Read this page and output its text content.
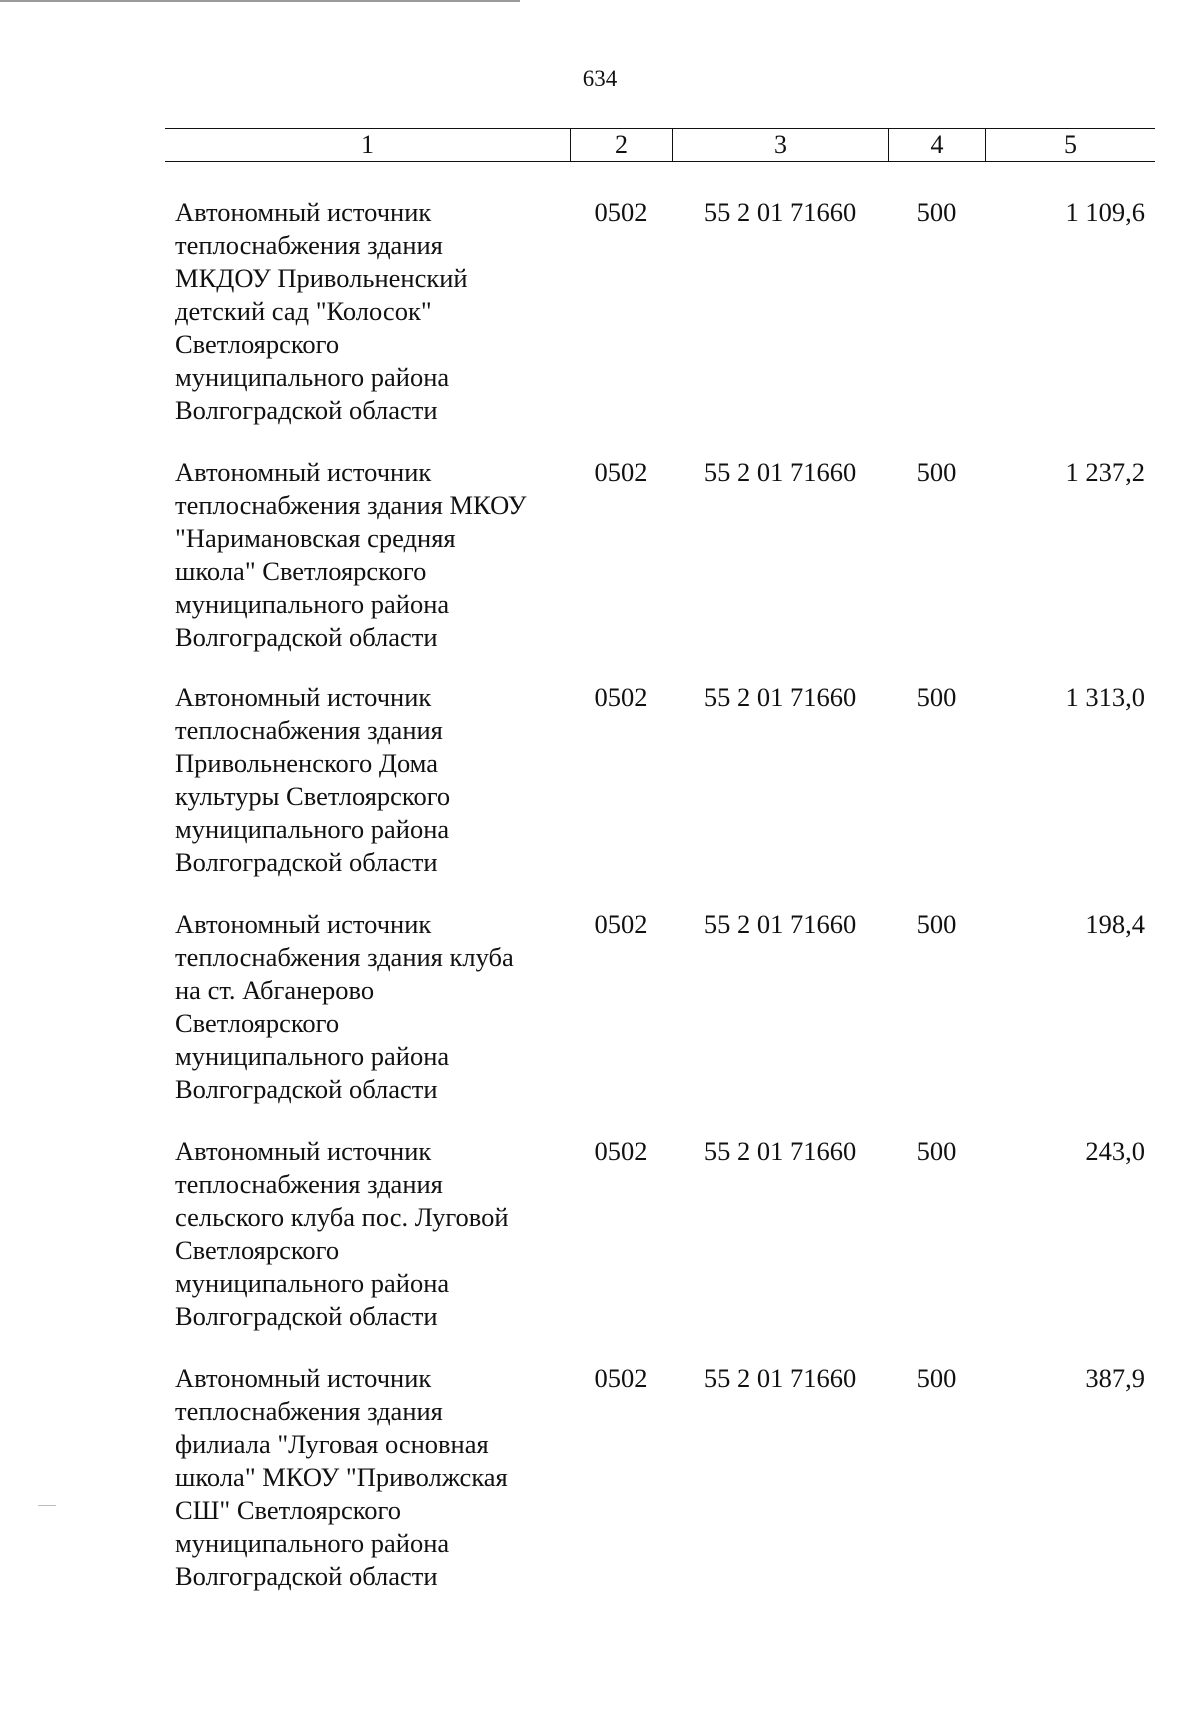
634
1	2	3	4	5
Автономный источник
теплоснабжения здания
МКДОУ Привольненский
детский сад "Колосок"
Светлоярского
муниципального района
Волгоградской области
0502	55 2 01 71660	500	1 109,6
Автономный источник
теплоснабжения здания МКОУ
"Наримановская средняя
школа" Светлоярского
муниципального района
Волгоградской области
0502	55 2 01 71660	500	1 237,2
Автономный источник
теплоснабжения здания
Привольненского Дома
культуры Светлоярского
муниципального района
Волгоградской области
0502	55 2 01 71660	500	1 313,0
Автономный источник
теплоснабжения здания клуба
на ст. Абганерово
Светлоярского
муниципального района
Волгоградской области
0502	55 2 01 71660	500	198,4
Автономный источник
теплоснабжения здания
сельского клуба пос. Луговой
Светлоярского
муниципального района
Волгоградской области
0502	55 2 01 71660	500	243,0
Автономный источник
теплоснабжения здания
филиала "Луговая основная
школа" МКОУ "Приволжская
СШ" Светлоярского
муниципального района
Волгоградской области
0502	55 2 01 71660	500	387,9
